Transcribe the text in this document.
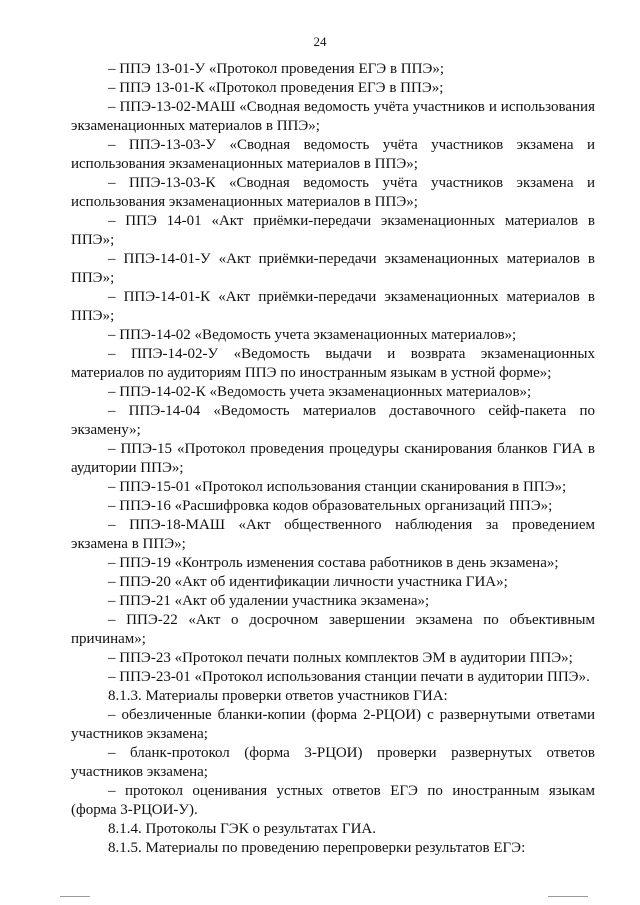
24

– ППЭ 13-01-У «Протокол проведения ЕГЭ в ППЭ»;

– ППЭ 13-01-К «Протокол проведения ЕГЭ в ППЭ»;

– ППЭ-13-02-МАШ «Сводная ведомость учёта участников и использования экзаменационных материалов в ППЭ»;

– ППЭ-13-03-У «Сводная ведомость учёта участников экзамена и использования экзаменационных материалов в ППЭ»;

– ППЭ-13-03-К «Сводная ведомость учёта участников экзамена и использования экзаменационных материалов в ППЭ»;

– ППЭ 14-01 «Акт приёмки-передачи экзаменационных материалов в ППЭ»;

– ППЭ-14-01-У «Акт приёмки-передачи экзаменационных материалов в ППЭ»;

– ППЭ-14-01-К «Акт приёмки-передачи экзаменационных материалов в ППЭ»;

– ППЭ-14-02 «Ведомость учета экзаменационных материалов»;

– ППЭ-14-02-У «Ведомость выдачи и возврата экзаменационных материалов по аудиториям ППЭ по иностранным языкам в устной форме»;

– ППЭ-14-02-К «Ведомость учета экзаменационных материалов»;

– ППЭ-14-04 «Ведомость материалов доставочного сейф-пакета по экзамену»;

– ППЭ-15 «Протокол проведения процедуры сканирования бланков ГИА в аудитории ППЭ»;

– ППЭ-15-01 «Протокол использования станции сканирования в ППЭ»;

– ППЭ-16 «Расшифровка кодов образовательных организаций ППЭ»;

– ППЭ-18-МАШ «Акт общественного наблюдения за проведением экзамена в ППЭ»;

– ППЭ-19 «Контроль изменения состава работников в день экзамена»;

– ППЭ-20 «Акт об идентификации личности участника ГИА»;

– ППЭ-21 «Акт об удалении участника экзамена»;

– ППЭ-22 «Акт о досрочном завершении экзамена по объективным причинам»;

– ППЭ-23 «Протокол печати полных комплектов ЭМ в аудитории ППЭ»;

– ППЭ-23-01 «Протокол использования станции печати в аудитории ППЭ».

8.1.3. Материалы проверки ответов участников ГИА:

– обезличенные бланки-копии (форма 2-РЦОИ) с развернутыми ответами участников экзамена;

– бланк-протокол (форма 3-РЦОИ) проверки развернутых ответов участников экзамена;

– протокол оценивания устных ответов ЕГЭ по иностранным языкам (форма 3-РЦОИ-У).

8.1.4. Протоколы ГЭК о результатах ГИА.

8.1.5. Материалы по проведению перепроверки результатов ЕГЭ:
